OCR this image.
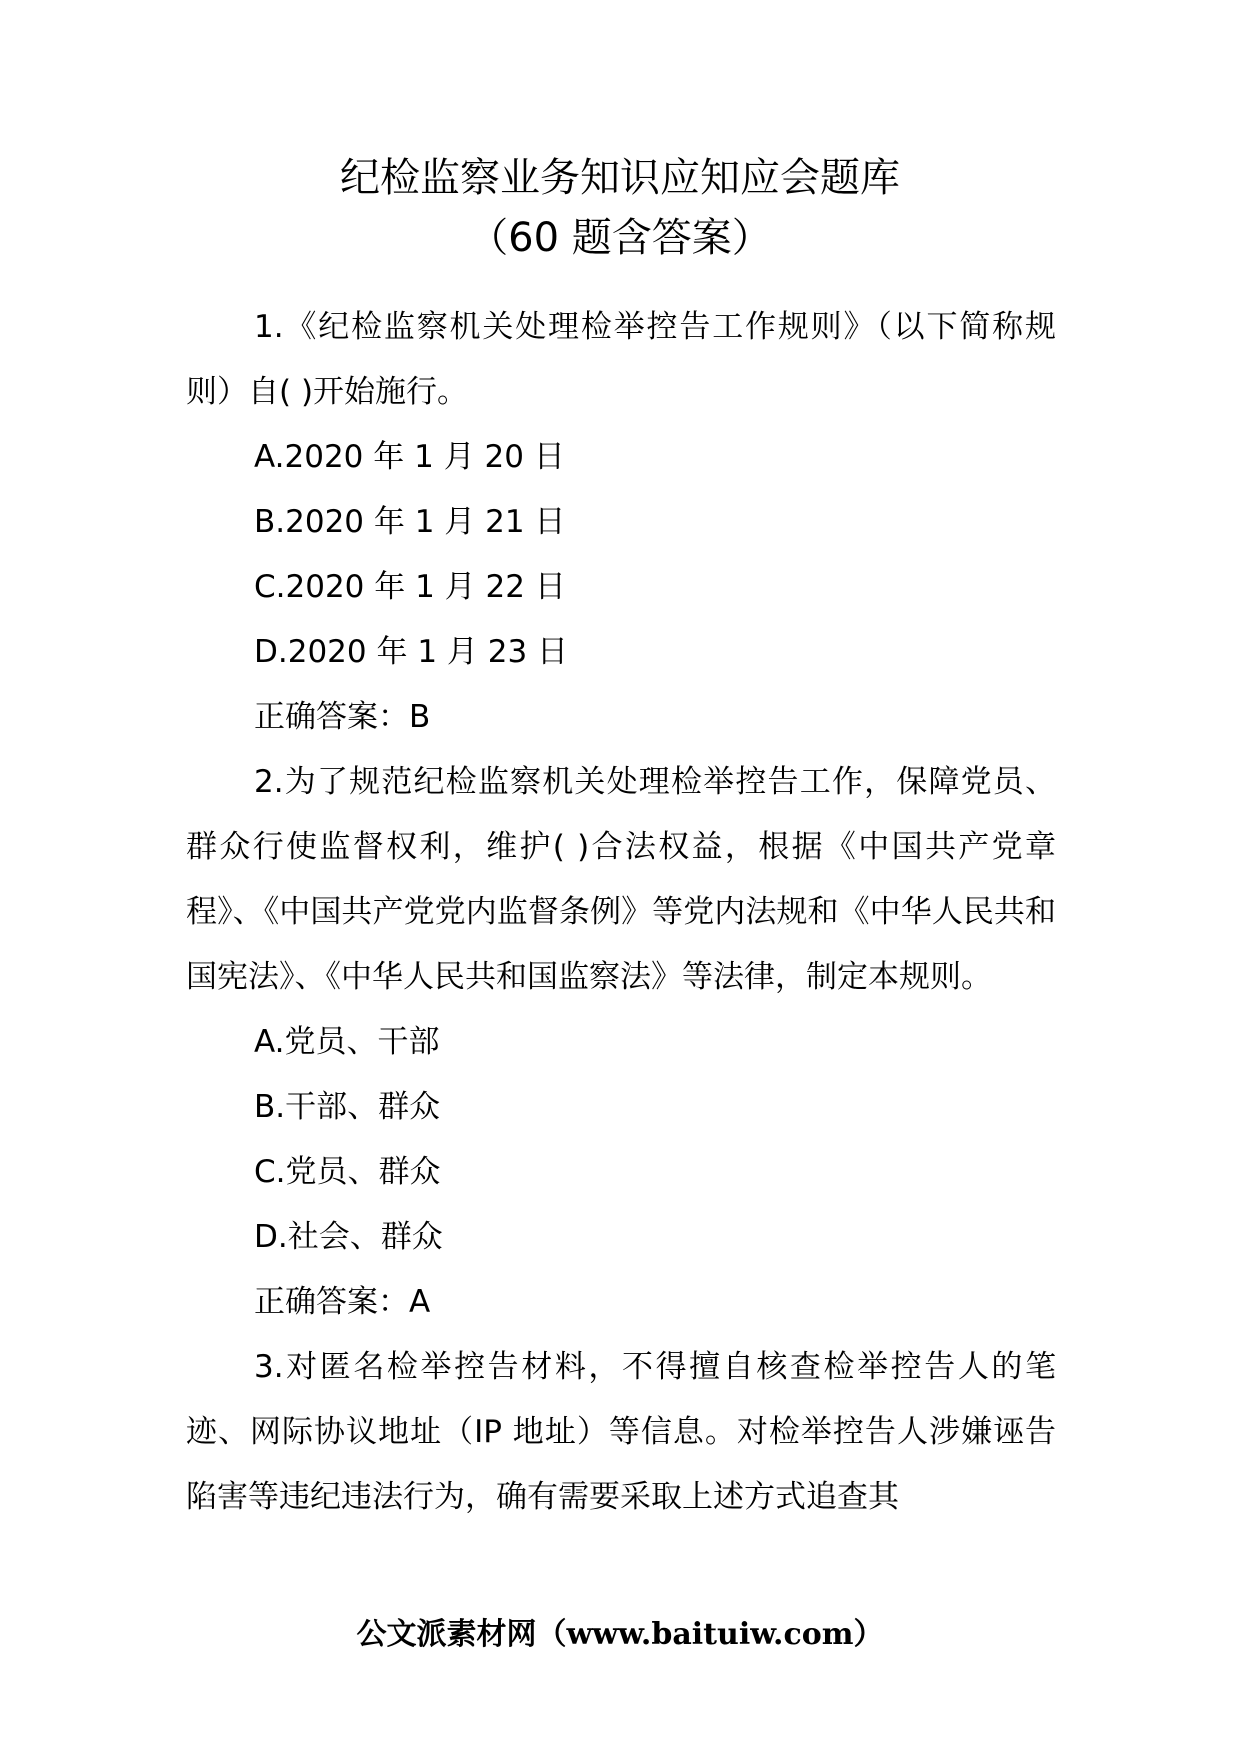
纪检监察业务知识应知应会题库
（60 题含答案）

1.《纪检监察机关处理检举控告工作规则》（以下简称规则）自( )开始施行。

A.2020 年 1 月 20 日

B.2020 年 1 月 21 日

C.2020 年 1 月 22 日

D.2020 年 1 月 23 日

正确答案：B

2.为了规范纪检监察机关处理检举控告工作，保障党员、群众行使监督权利，维护( )合法权益，根据《中国共产党章程》、《中国共产党党内监督条例》等党内法规和《中华人民共和国宪法》、《中华人民共和国监察法》等法律，制定本规则。

A.党员、干部

B.干部、群众

C.党员、群众

D.社会、群众

正确答案：A

3.对匿名检举控告材料，不得擅自核查检举控告人的笔迹、网际协议地址（IP 地址）等信息。对检举控告人涉嫌诬告陷害等违纪违法行为，确有需要采取上述方式追查其

公文派素材网（www.baituiw.com）
